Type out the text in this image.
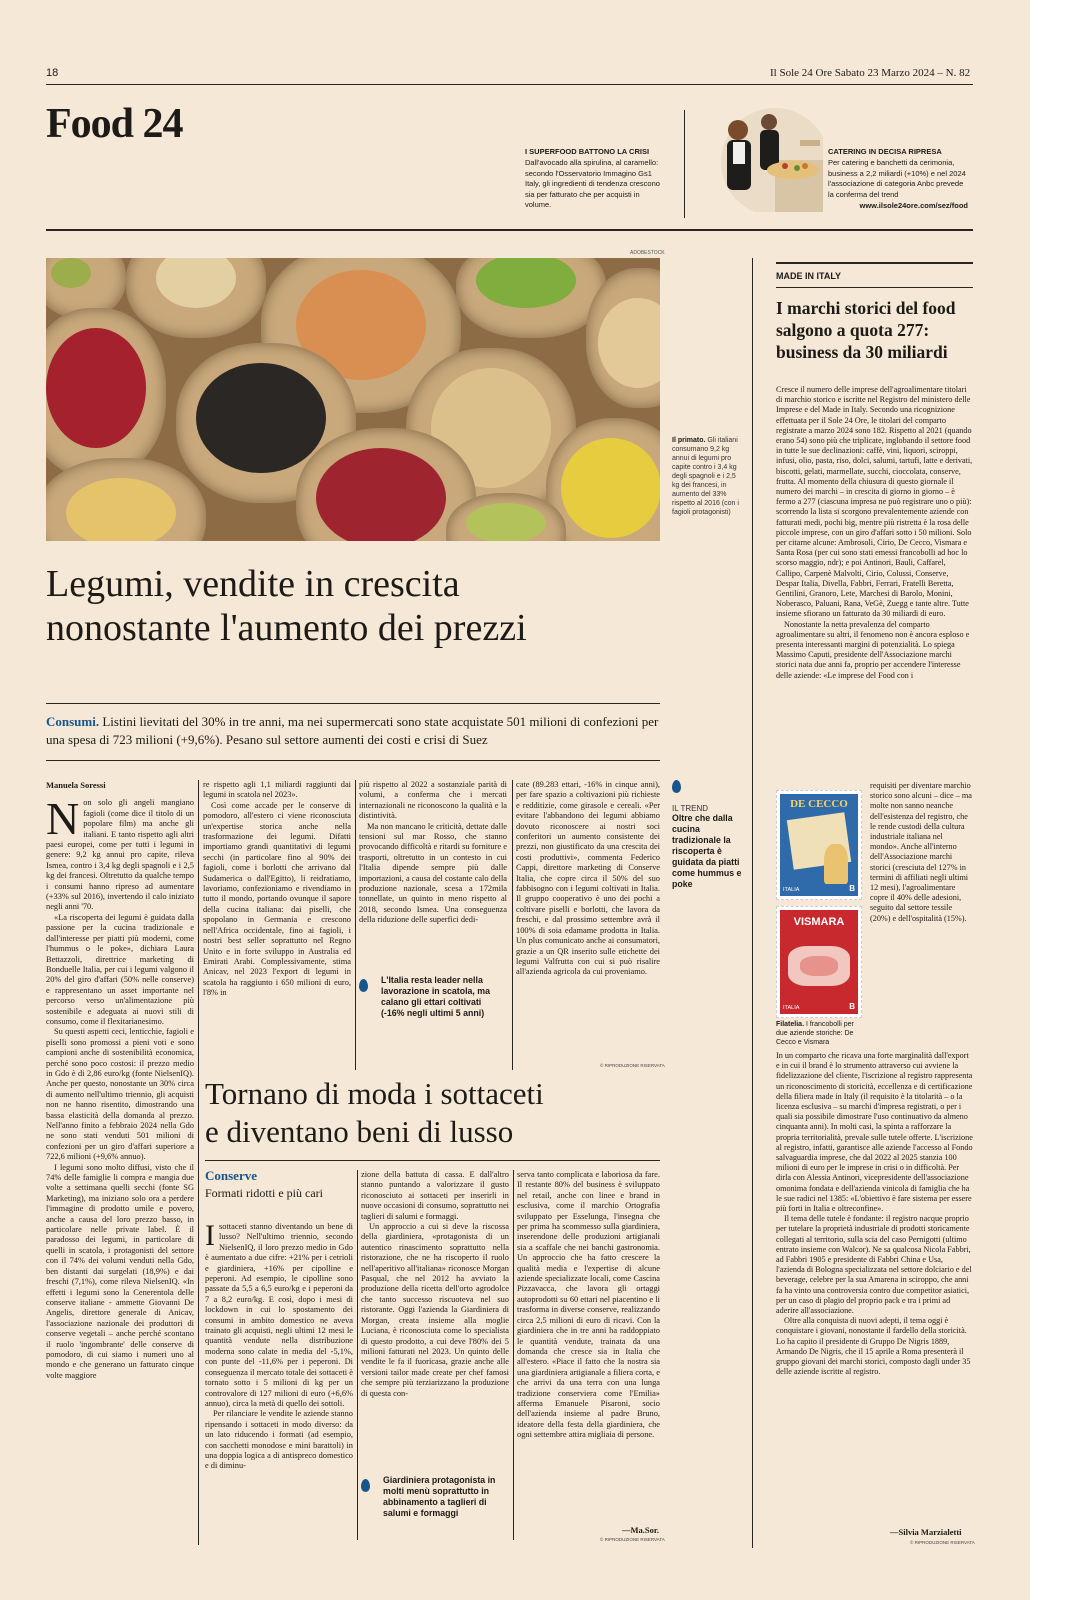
18	Il Sole 24 Ore Sabato 23 Marzo 2024 – N. 82
Food 24
I SUPERFOOD BATTONO LA CRISI
Dall'avocado alla spirulina, al caramello: secondo l'Osservatorio Immagino Gs1 Italy, gli ingredienti di tendenza crescono sia per fatturato che per acquisti in volume.
CATERING IN DECISA RIPRESA
Per catering e banchetti da cerimonia, business a 2,2 miliardi (+10%) e nel 2024 l'associazione di categoria Anbc prevede la conferma del trend
www.ilsole24ore.com/sez/food
ADOBESTOCK
Il primato. Gli italiani consumano 9,2 kg annui di legumi pro capite contro i 3,4 kg degli spagnoli e i 2,5 kg dei francesi, in aumento del 33% rispetto al 2016 (con i fagioli protagonisti)
Legumi, vendite in crescita
nonostante l'aumento dei prezzi
Consumi. Listini lievitati del 30% in tre anni, ma nei supermercati sono state acquistate 501 milioni di confezioni per una spesa di 723 milioni (+9,6%). Pesano sul settore aumenti dei costi e crisi di Suez
Manuela Soressi
N on solo gli angeli mangiano fagioli (come dice il titolo di un popolare film) ma anche gli italiani. E tanto rispetto agli altri paesi europei, come per tutti i legumi in genere: 9,2 kg annui pro capite, rileva Ismea, contro i 3,4 kg degli spagnoli e i 2,5 kg dei francesi. Oltretutto da qualche tempo i consumi hanno ripreso ad aumentare (+33% sul 2016), invertendo il calo iniziato negli anni '70.

«La riscoperta dei legumi è guidata dalla passione per la cucina tradizionale e dall'interesse per piatti più moderni, come l'hummus o le poke», dichiara Laura Bettazzoli, direttrice marketing di Bonduelle Italia, per cui i legumi valgono il 20% del giro d'affari (50% nelle conserve) e rappresentano un asset importante nel percorso verso un'alimentazione più sostenibile e adeguata ai nuovi stili di consumo, come il flexitarianesimo.

Su questi aspetti ceci, lenticchie, fagioli e piselli sono promossi a pieni voti e sono campioni anche di sostenibilità economica, perché sono poco costosi: il prezzo medio in Gdo è di 2,86 euro/kg (fonte NielsenIQ). Anche per questo, nonostante un 30% circa di aumento nell'ultimo triennio, gli acquisti non ne hanno risentito, dimostrando una bassa elasticità della domanda al prezzo. Nell'anno finito a febbraio 2024 nella Gdo ne sono stati venduti 501 milioni di confezioni per un giro d'affari superiore a 722,6 milioni (+9,6% annuo).

I legumi sono molto diffusi, visto che il 74% delle famiglie li compra e mangia due volte a settimana quelli secchi (fonte SG Marketing), ma iniziano solo ora a perdere l'immagine di prodotto umile e povero, anche a causa del loro prezzo basso, in particolare nelle private label. È il paradosso dei legumi, in particolare di quelli in scatola, i protagonisti del settore con il 74% dei volumi venduti nella Gdo, ben distanti dai surgelati (18,9%) e dai freschi (7,1%), come rileva NielsenIQ. «In effetti i legumi sono la Cenerentola delle conserve italiane - ammette Giovanni De Angelis, direttore generale di Anicav, l'associazione nazionale dei produttori di conserve vegetali – anche perché scontano il ruolo 'ingombrante' delle conserve di pomodoro, di cui siamo i numeri uno al mondo e che generano un fatturato cinque volte maggiore

re rispetto agli 1,1 miliardi raggiunti dai legumi in scatola nel 2023».

Così come accade per le conserve di pomodoro, all'estero ci viene riconosciuta un'expertise storica anche nella trasformazione dei legumi. Difatti importiamo grandi quantitativi di legumi secchi (in particolare fino al 90% dei fagioli, come i borlotti che arrivano dal Sudamerica o dall'Egitto), li reidratiamo, lavoriamo, confezioniamo e rivendiamo in tutto il mondo, portando ovunque il sapore della cucina italiana: dai piselli, che spopolano in Germania e crescono nell'Africa occidentale, fino ai fagioli, i nostri best seller soprattutto nel Regno Unito e in forte sviluppo in Australia ed Emirati Arabi. Complessivamente, stima Anicav, nel 2023 l'export di legumi in scatola ha raggiunto i 650 milioni di euro, l'8% in

più rispetto al 2022 a sostanziale parità di volumi, a conferma che i mercati internazionali ne riconoscono la qualità e la distintività.

Ma non mancano le criticità, dettate dalle tensioni sul mar Rosso, che stanno provocando difficoltà e ritardi su forniture e trasporti, oltretutto in un contesto in cui l'Italia dipende sempre più dalle importazioni, a causa del costante calo della produzione nazionale, scesa a 172mila tonnellate, un quinto in meno rispetto al 2018, secondo Ismea. Una conseguenza della riduzione delle superfici dedi-

L'Italia resta leader nella lavorazione in scatola, ma calano gli ettari coltivati (-16% negli ultimi 5 anni)

cate (89.283 ettari, -16% in cinque anni), per fare spazio a coltivazioni più richieste e redditizie, come girasole e cereali. «Per evitare l'abbandono dei legumi abbiamo dovuto riconoscere ai nostri soci conferitori un aumento consistente dei prezzi, non giustificato da una crescita dei costi produttivi», commenta Federico Cappi, direttore marketing di Conserve Italia, che copre circa il 50% del suo fabbisogno con i legumi coltivati in Italia. Il gruppo cooperativo è uno dei pochi a coltivare piselli e borlotti, che lavora da freschi, e dal prossimo settembre avrà il 100% di soia edamame prodotta in Italia. Un plus comunicato anche ai consumatori, grazie a un QR inserito sulle etichette dei legumi Valfrutta con cui si può risalire all'azienda agricola da cui proveniamo.

© RIPRODUZIONE RISERVATA
IL TREND
Oltre che dalla cucina tradizionale la riscoperta è guidata da piatti come hummus e poke
Tornano di moda i sottaceti
e diventano beni di lusso
Conserve
Formati ridotti e più cari
I sottaceti stanno diventando un bene di lusso? Nell'ultimo triennio, secondo NielsenIQ, il loro prezzo medio in Gdo è aumentato a due cifre: +21% per i cetrioli e giardiniera, +16% per cipolline e peperoni. Ad esempio, le cipolline sono passate da 5,5 a 6,5 euro/kg e i peperoni da 7 a 8,2 euro/kg. E così, dopo i mesi di lockdown in cui lo spostamento dei consumi in ambito domestico ne aveva trainato gli acquisti, negli ultimi 12 mesi le quantità vendute nella distribuzione moderna sono calate in media del -5,1%, con punte del -11,6% per i peperoni. Di conseguenza il mercato totale dei sottaceti è tornato sotto i 5 milioni di kg per un controvalore di 127 milioni di euro (+6,6% annuo), circa la metà di quello dei sottoli.

Per rilanciare le vendite le aziende stanno ripensando i sottaceti in modo diverso: da un lato riducendo i formati (ad esempio, con sacchetti monodose e mini barattoli) in una doppia logica a di antispreco domestico e di diminu-

zione della battuta di cassa. E dall'altro stanno puntando a valorizzare il gusto riconosciuto ai sottaceti per inserirli in nuove occasioni di consumo, soprattutto nei taglieri di salumi e formaggi.

Un approccio a cui si deve la riscossa della giardiniera, «protagonista di un autentico rinascimento soprattutto nella ristorazione, che ne ha riscoperto il ruolo nell'aperitivo all'italiana» riconosce Morgan Pasqual, che nel 2012 ha avviato la produzione della ricetta dell'orto agrodolce che tanto successo riscuoteva nel suo ristorante. Oggi l'azienda la Giardiniera di Morgan, creata insieme alla moglie Luciana, è riconosciuta come lo specialista di questo prodotto, a cui deve l'80% dei 5 milioni fatturati nel 2023. Un quinto delle vendite le fa il fuoricasa, grazie anche alle versioni tailor made create per chef famosi che sempre più terziarizzano la produzione di questa con-

Giardiniera protagonista in molti menù soprattutto in abbinamento a taglieri di salumi e formaggi

serva tanto complicata e laboriosa da fare. Il restante 80% del business è sviluppato nel retail, anche con linee e brand in esclusiva, come il marchio Ortografia sviluppato per Esselunga, l'insegna che per prima ha scommesso sulla giardiniera, inserendone delle produzioni artigianali sia a scaffale che nei banchi gastronomia. Un approccio che ha fatto crescere la qualità media e l'expertise di alcune aziende specializzate locali, come Cascina Pizzavacca, che lavora gli ortaggi autoprodotti su 60 ettari nel piacentino e li trasforma in diverse conserve, realizzando circa 2,5 milioni di euro di ricavi. Con la giardiniera che in tre anni ha raddoppiato le quantità vendute, trainata da una domanda che cresce sia in Italia che all'estero. «Piace il fatto che la nostra sia una giardiniera artigianale a filiera corta, e che arrivi da una terra con una lunga tradizione conserviera come l'Emilia» afferma Emanuele Pisaroni, socio dell'azienda insieme al padre Bruno, ideatore della festa della giardiniera, che ogni settembre attira migliaia di persone.

—Ma.Sor.
© RIPRODUZIONE RISERVATA
MADE IN ITALY
I marchi storici del food
salgono a quota 277:
business da 30 miliardi

Cresce il numero delle imprese dell'agroalimentare titolari di marchio storico e iscritte nel Registro del ministero delle Imprese e del Made in Italy. Secondo una ricognizione effettuata per il Sole 24 Ore, le titolari del comparto registrate a marzo 2024 sono 182. Rispetto al 2021 (quando erano 54) sono più che triplicate, inglobando il settore food in tutte le sue declinazioni: caffè, vini, liquori, sciroppi, infusi, olio, pasta, riso, dolci, salumi, tartufi, latte e derivati, biscotti, gelati, marmellate, succhi, cioccolata, conserve, frutta. Al momento della chiusura di questo giornale il numero dei marchi – in crescita di giorno in giorno – è fermo a 277 (ciascuna impresa ne può registrare uno o più): scorrendo la lista si scorgono prevalentemente aziende con fatturati medi, pochi big, mentre più ristretta è la rosa delle piccole imprese, con un giro d'affari sotto i 50 milioni. Solo per citarne alcune: Ambrosoli, Cirio, De Cecco, Vismara e Santa Rosa (per cui sono stati emessi francobolli ad hoc lo scorso maggio, ndr); e poi Antinori, Bauli, Caffarel, Callipo, Carpenè Malvolti, Cirio, Colussi, Conserve, Despar Italia, Divella, Fabbri, Ferrari, Fratelli Beretta, Gentilini, Granoro, Lete, Marchesi di Barolo, Monini, Noberasco, Paluani, Rana, VeGè, Zuegg e tante altre. Tutte insieme sfiorano un fatturato da 30 miliardi di euro.

Nonostante la netta prevalenza del comparto agroalimentare su altri, il fenomeno non è ancora esploso e presenta interessanti margini di potenzialità. Lo spiega Massimo Caputi, presidente dell'Associazione marchi storici nata due anni fa, proprio per accendere l'interesse delle aziende: «Le imprese del Food con i

DE CECCO
ITALIA	B
VISMARA
ITALIA	B
Filatelia. I francobolli per due aziende storiche: De Cecco e Vismara

requisiti per diventare marchio storico sono alcuni – dice – ma molte non sanno neanche dell'esistenza del registro, che le rende custodi della cultura industriale italiana nel mondo». Anche all'interno dell'Associazione marchi storici (cresciuta del 127% in termini di affiliati negli ultimi 12 mesi), l'agroalimentare copre il 40% delle adesioni, seguito dal settore tessile (20%) e dell'ospitalità (15%).

In un comparto che ricava una forte marginalità dall'export e in cui il brand è lo strumento attraverso cui avviene la fidelizzazione del cliente, l'iscrizione al registro rappresenta un riconoscimento di storicità, eccellenza e di certificazione della filiera made in Italy (il requisito è la titolarità – o la licenza esclusiva – su marchi d'impresa registrati, o per i quali sia possibile dimostrare l'uso continuativo da almeno cinquanta anni). In molti casi, la spinta a rafforzare la propria territorialità, prevale sulle tutele offerte. L'iscrizione al registro, infatti, garantisce alle aziende l'accesso al Fondo salvaguardia imprese, che dal 2022 al 2025 stanzia 100 milioni di euro per le imprese in crisi o in difficoltà. Per dirla con Alessia Antinori, vicepresidente dell'associazione omonima fondata e dell'azienda vinicola di famiglia che ha le sue radici nel 1385: «L'obiettivo è fare sistema per essere più forti in Italia e oltreconfine».

Il tema delle tutele è fondante: il registro nacque proprio per tutelare la proprietà industriale di prodotti storicamente collegati al territorio, sulla scia del caso Pernigotti (ultimo entrato insieme con Walcor). Ne sa qualcosa Nicola Fabbri, ad Fabbri 1905 e presidente di Fabbri China e Usa, l'azienda di Bologna specializzata nel settore dolciario e del beverage, celebre per la sua Amarena in sciroppo, che anni fa ha vinto una controversia contro due competitor asiatici, per un caso di plagio del proprio pack e tra i primi ad aderire all'associazione.

Oltre alla conquista di nuovi adepti, il tema oggi è conquistare i giovani, nonostante il fardello della storicità. Lo ha capito il presidente di Gruppo De Nigris 1889, Armando De Nigris, che il 15 aprile a Roma presenterà il gruppo giovani dei marchi storici, composto dagli under 35 delle aziende iscritte al registro.

—Silvia Marzialetti
© RIPRODUZIONE RISERVATA
